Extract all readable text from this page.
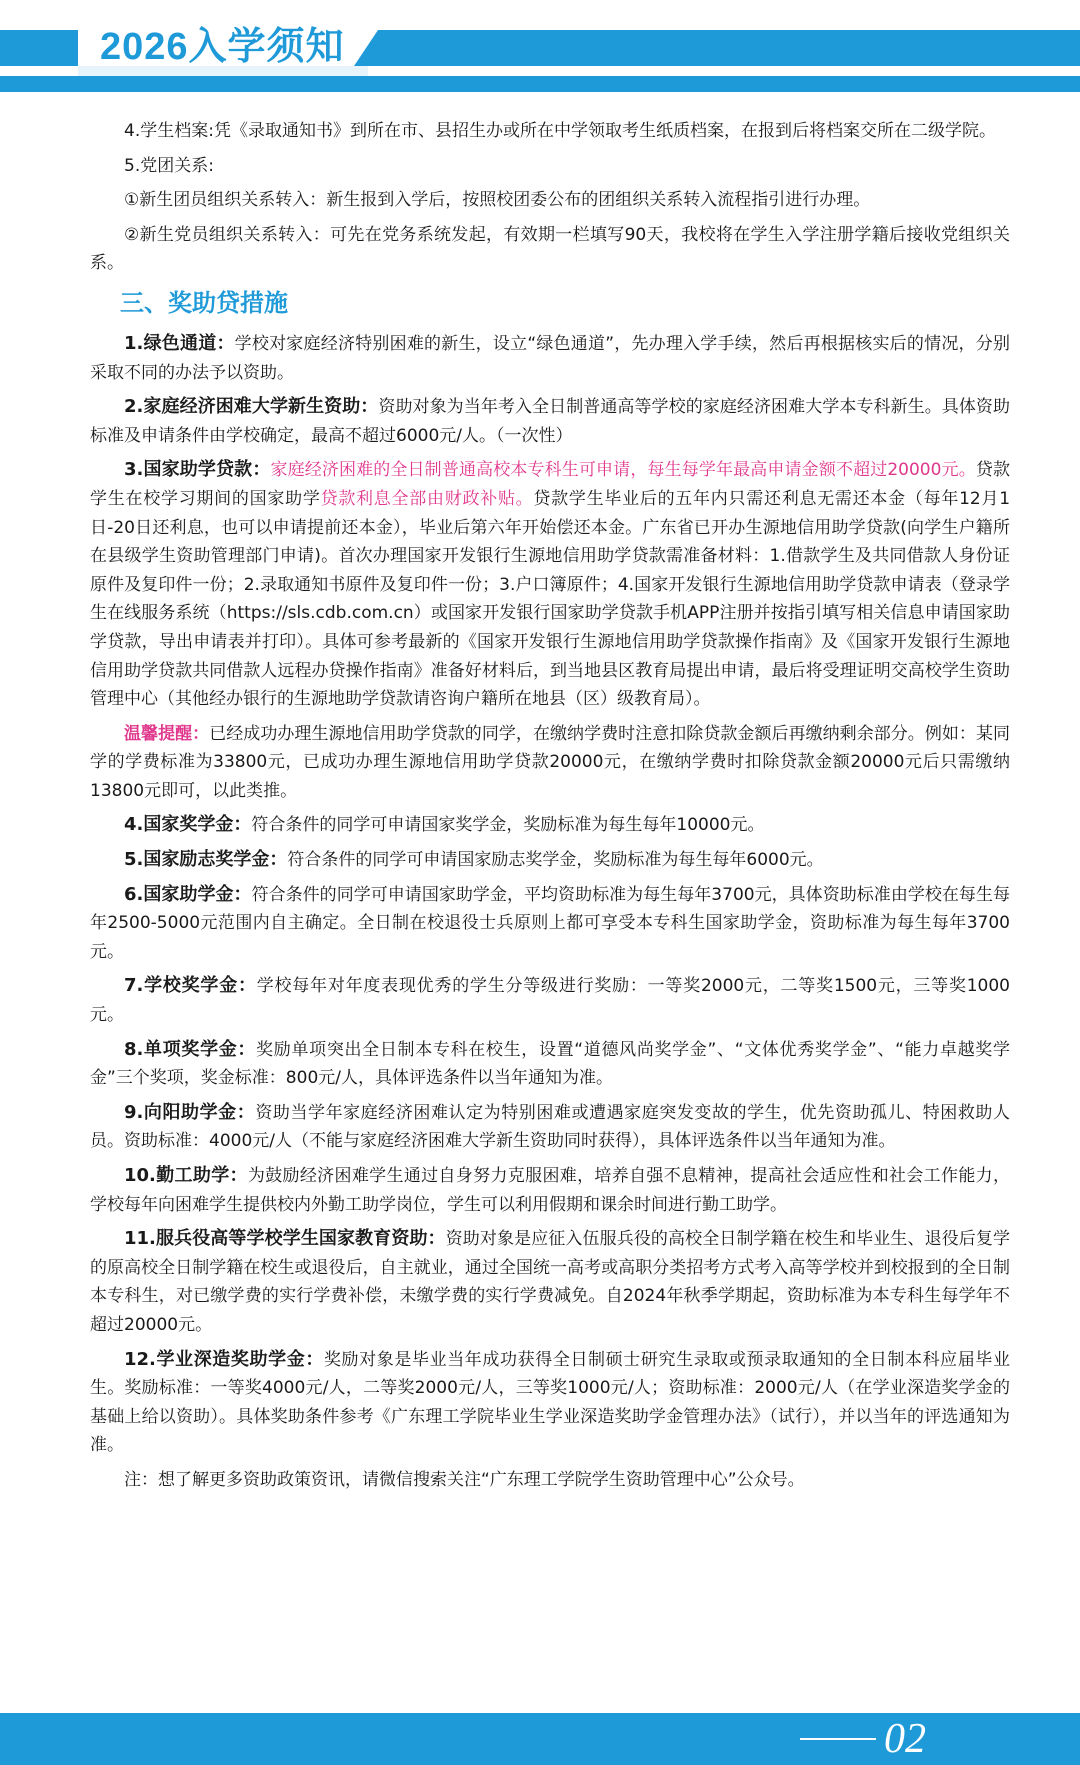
2026入学须知

4.学生档案:凭《录取通知书》到所在市、县招生办或所在中学领取考生纸质档案，在报到后将档案交所在二级学院。

5.党团关系:

①新生团员组织关系转入：新生报到入学后，按照校团委公布的团组织关系转入流程指引进行办理。

②新生党员组织关系转入：可先在党务系统发起，有效期一栏填写90天，我校将在学生入学注册学籍后接收党组织关系。

三、奖助贷措施

1.绿色通道：学校对家庭经济特别困难的新生，设立“绿色通道”，先办理入学手续，然后再根据核实后的情况，分别采取不同的办法予以资助。

2.家庭经济困难大学新生资助：资助对象为当年考入全日制普通高等学校的家庭经济困难大学本专科新生。具体资助标准及申请条件由学校确定，最高不超过6000元/人。（一次性）

3.国家助学贷款：家庭经济困难的全日制普通高校本专科生可申请，每生每学年最高申请金额不超过20000元。贷款学生在校学习期间的国家助学贷款利息全部由财政补贴。贷款学生毕业后的五年内只需还利息无需还本金（每年12月1日-20日还利息，也可以申请提前还本金），毕业后第六年开始偿还本金。广东省已开办生源地信用助学贷款(向学生户籍所在县级学生资助管理部门申请)。首次办理国家开发银行生源地信用助学贷款需准备材料：1.借款学生及共同借款人身份证原件及复印件一份；2.录取通知书原件及复印件一份；3.户口簿原件；4.国家开发银行生源地信用助学贷款申请表（登录学生在线服务系统（https://sls.cdb.com.cn）或国家开发银行国家助学贷款手机APP注册并按指引填写相关信息申请国家助学贷款，导出申请表并打印）。具体可参考最新的《国家开发银行生源地信用助学贷款操作指南》及《国家开发银行生源地信用助学贷款共同借款人远程办贷操作指南》准备好材料后，到当地县区教育局提出申请，最后将受理证明交高校学生资助管理中心（其他经办银行的生源地助学贷款请咨询户籍所在地县（区）级教育局）。

温馨提醒：已经成功办理生源地信用助学贷款的同学，在缴纳学费时注意扣除贷款金额后再缴纳剩余部分。例如：某同学的学费标准为33800元，已成功办理生源地信用助学贷款20000元，在缴纳学费时扣除贷款金额20000元后只需缴纳13800元即可，以此类推。

4.国家奖学金：符合条件的同学可申请国家奖学金，奖励标准为每生每年10000元。

5.国家励志奖学金：符合条件的同学可申请国家励志奖学金，奖励标准为每生每年6000元。

6.国家助学金：符合条件的同学可申请国家助学金，平均资助标准为每生每年3700元，具体资助标准由学校在每生每年2500-5000元范围内自主确定。全日制在校退役士兵原则上都可享受本专科生国家助学金，资助标准为每生每年3700元。

7.学校奖学金：学校每年对年度表现优秀的学生分等级进行奖励：一等奖2000元，二等奖1500元，三等奖1000元。

8.单项奖学金：奖励单项突出全日制本专科在校生，设置“道德风尚奖学金”、“文体优秀奖学金”、“能力卓越奖学金”三个奖项，奖金标准：800元/人，具体评选条件以当年通知为准。

9.向阳助学金：资助当学年家庭经济困难认定为特别困难或遭遇家庭突发变故的学生，优先资助孤儿、特困救助人员。资助标准：4000元/人（不能与家庭经济困难大学新生资助同时获得），具体评选条件以当年通知为准。

10.勤工助学：为鼓励经济困难学生通过自身努力克服困难，培养自强不息精神，提高社会适应性和社会工作能力，学校每年向困难学生提供校内外勤工助学岗位，学生可以利用假期和课余时间进行勤工助学。

11.服兵役高等学校学生国家教育资助：资助对象是应征入伍服兵役的高校全日制学籍在校生和毕业生、退役后复学的原高校全日制学籍在校生或退役后，自主就业，通过全国统一高考或高职分类招考方式考入高等学校并到校报到的全日制本专科生，对已缴学费的实行学费补偿，未缴学费的实行学费减免。自2024年秋季学期起，资助标准为本专科生每学年不超过20000元。

12.学业深造奖助学金：奖励对象是毕业当年成功获得全日制硕士研究生录取或预录取通知的全日制本科应届毕业生。奖励标准：一等奖4000元/人，二等奖2000元/人，三等奖1000元/人；资助标准：2000元/人（在学业深造奖学金的基础上给以资助）。具体奖助条件参考《广东理工学院毕业生学业深造奖助学金管理办法》（试行），并以当年的评选通知为准。

注：想了解更多资助政策资讯，请微信搜索关注“广东理工学院学生资助管理中心”公众号。

02
